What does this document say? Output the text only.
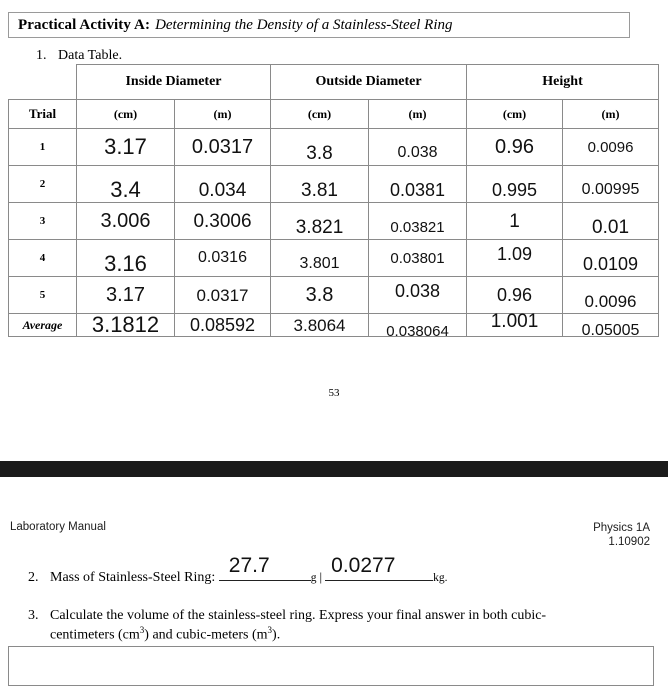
Practical Activity A: Determining the Density of a Stainless-Steel Ring
1. Data Table.
	Inside Diameter		Outside Diameter		Height	
Trial	(cm)	(m)	(cm)	(m)	(cm)	(m)
1	3.17	0.0317	3.8	0.038	0.96	0.0096
2	3.4	0.034	3.81	0.0381	0.995	0.00995
3	3.006	0.3006	3.821	0.03821	1	0.01
4	3.16	0.0316	3.801	0.03801	1.09	0.0109
5	3.17	0.0317	3.8	0.038	0.96	0.0096
Average	3.1812	0.08592	3.8064	0.038064	1.001	0.05005
53
Laboratory Manual	Physics 1A
1.10902
2. Mass of Stainless-Steel Ring:
27.7
g | 0.0277
kg.
3. Calculate the volume of the stainless-steel ring. Express your final answer in both cubic-centimeters $(cm^3)$ and cubic-meters $(m^3)$.
